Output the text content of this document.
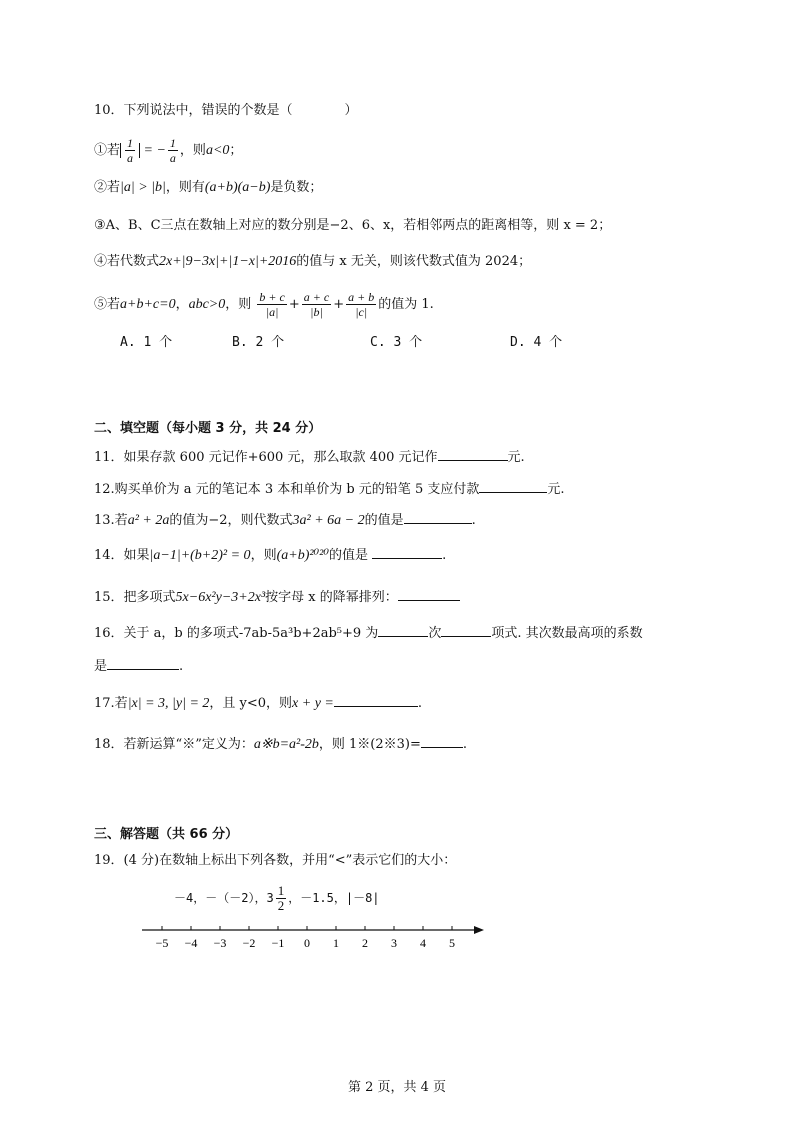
10．下列说法中，错误的个数是（　　　　）
①若 $\frac{1}{a}$ = − $\frac{1}{a}$ ，则a<0；
②若|a| > |b|，则有(a+b)(a−b)是负数；
③A、B、C三点在数轴上对应的数分别是−2、6、x，若相邻两点的距离相等，则 x = 2；
④若代数式2x+|9−3x|+|1−x|+2016的值与 x 无关，则该代数式值为 2024；
⑤若a+b+c=0，abc>0，则 $\frac{b + c}{|a|} + \frac{a + c}{|b|} + \frac{a + b}{|c|}$ 的值为 1.
A. 1 个	B. 2 个	C. 3 个	D. 4 个
二、填空题（每小题 3 分，共 24 分）
11．如果存款 600 元记作+600 元，那么取款 400 元记作	元.
12.购买单价为 a 元的笔记本 3 本和单价为 b 元的铅笔 5 支应付款	元.
13.若a² + 2a的值为−2，则代数式3a² + 6a − 2的值是	.
14．如果|a−1|+(b+2)² = 0，则(a+b)²⁰²⁰的值是	.
15．把多项式5x−6x²y−3+2x³按字母 x 的降幂排列：
16．关于 a，b 的多项式-7ab-5a³b+2ab⁵+9 为	次	项式. 其次数最高项的系数
是	.
17.若|x| = 3, |y| = 2，且 y<0，则x + y =	.
18．若新运算“※”定义为：a※b=a²-2b，则 1※(2※3)=	.
三、解答题（共 66 分）
19．(4 分)在数轴上标出下列各数，并用“<”表示它们的大小：
－4，－（－2），$3 \frac{1}{2}$ ，－1.5，|－8|
−5 −4 −3 −2 −1 0 1 2 3 4 5
第 2 页，共 4 页
